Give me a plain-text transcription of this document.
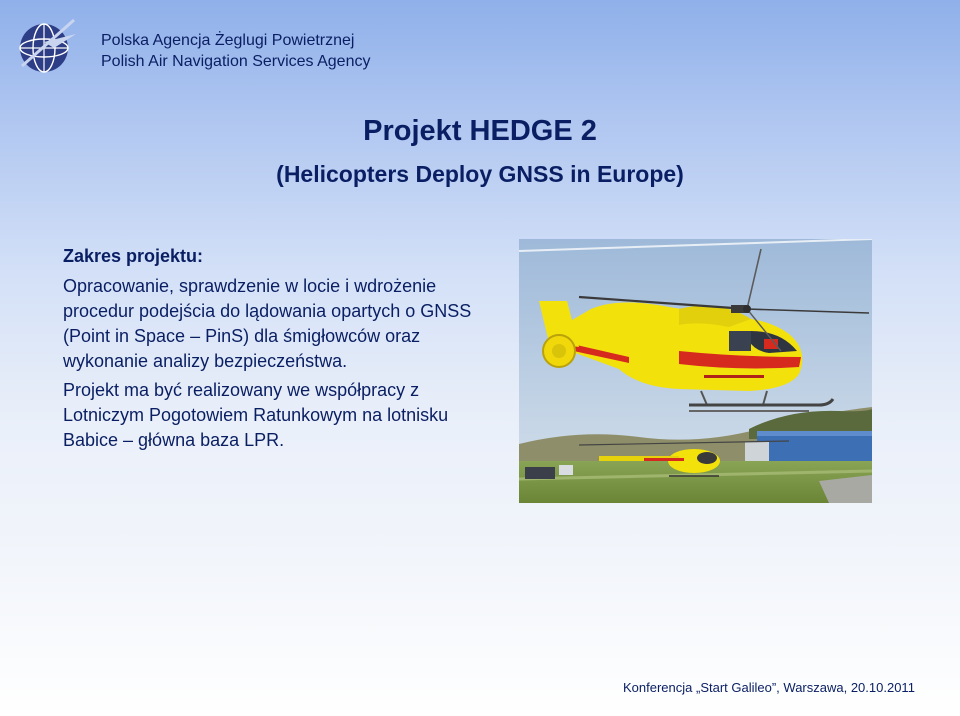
Polska Agencja Żeglugi Powietrznej
Polish Air Navigation Services Agency
Projekt HEDGE 2
(Helicopters Deploy GNSS in Europe)
Zakres projektu:

Opracowanie, sprawdzenie w locie i wdrożenie procedur podejścia do lądowania opartych o GNSS (Point in Space – PinS) dla śmigłowców oraz wykonanie analizy bezpieczeństwa.

Projekt ma być realizowany we współpracy z Lotniczym Pogotowiem Ratunkowym na lotnisku Babice – główna baza LPR.

Konferencja „Start Galileo”, Warszawa, 20.10.2011
